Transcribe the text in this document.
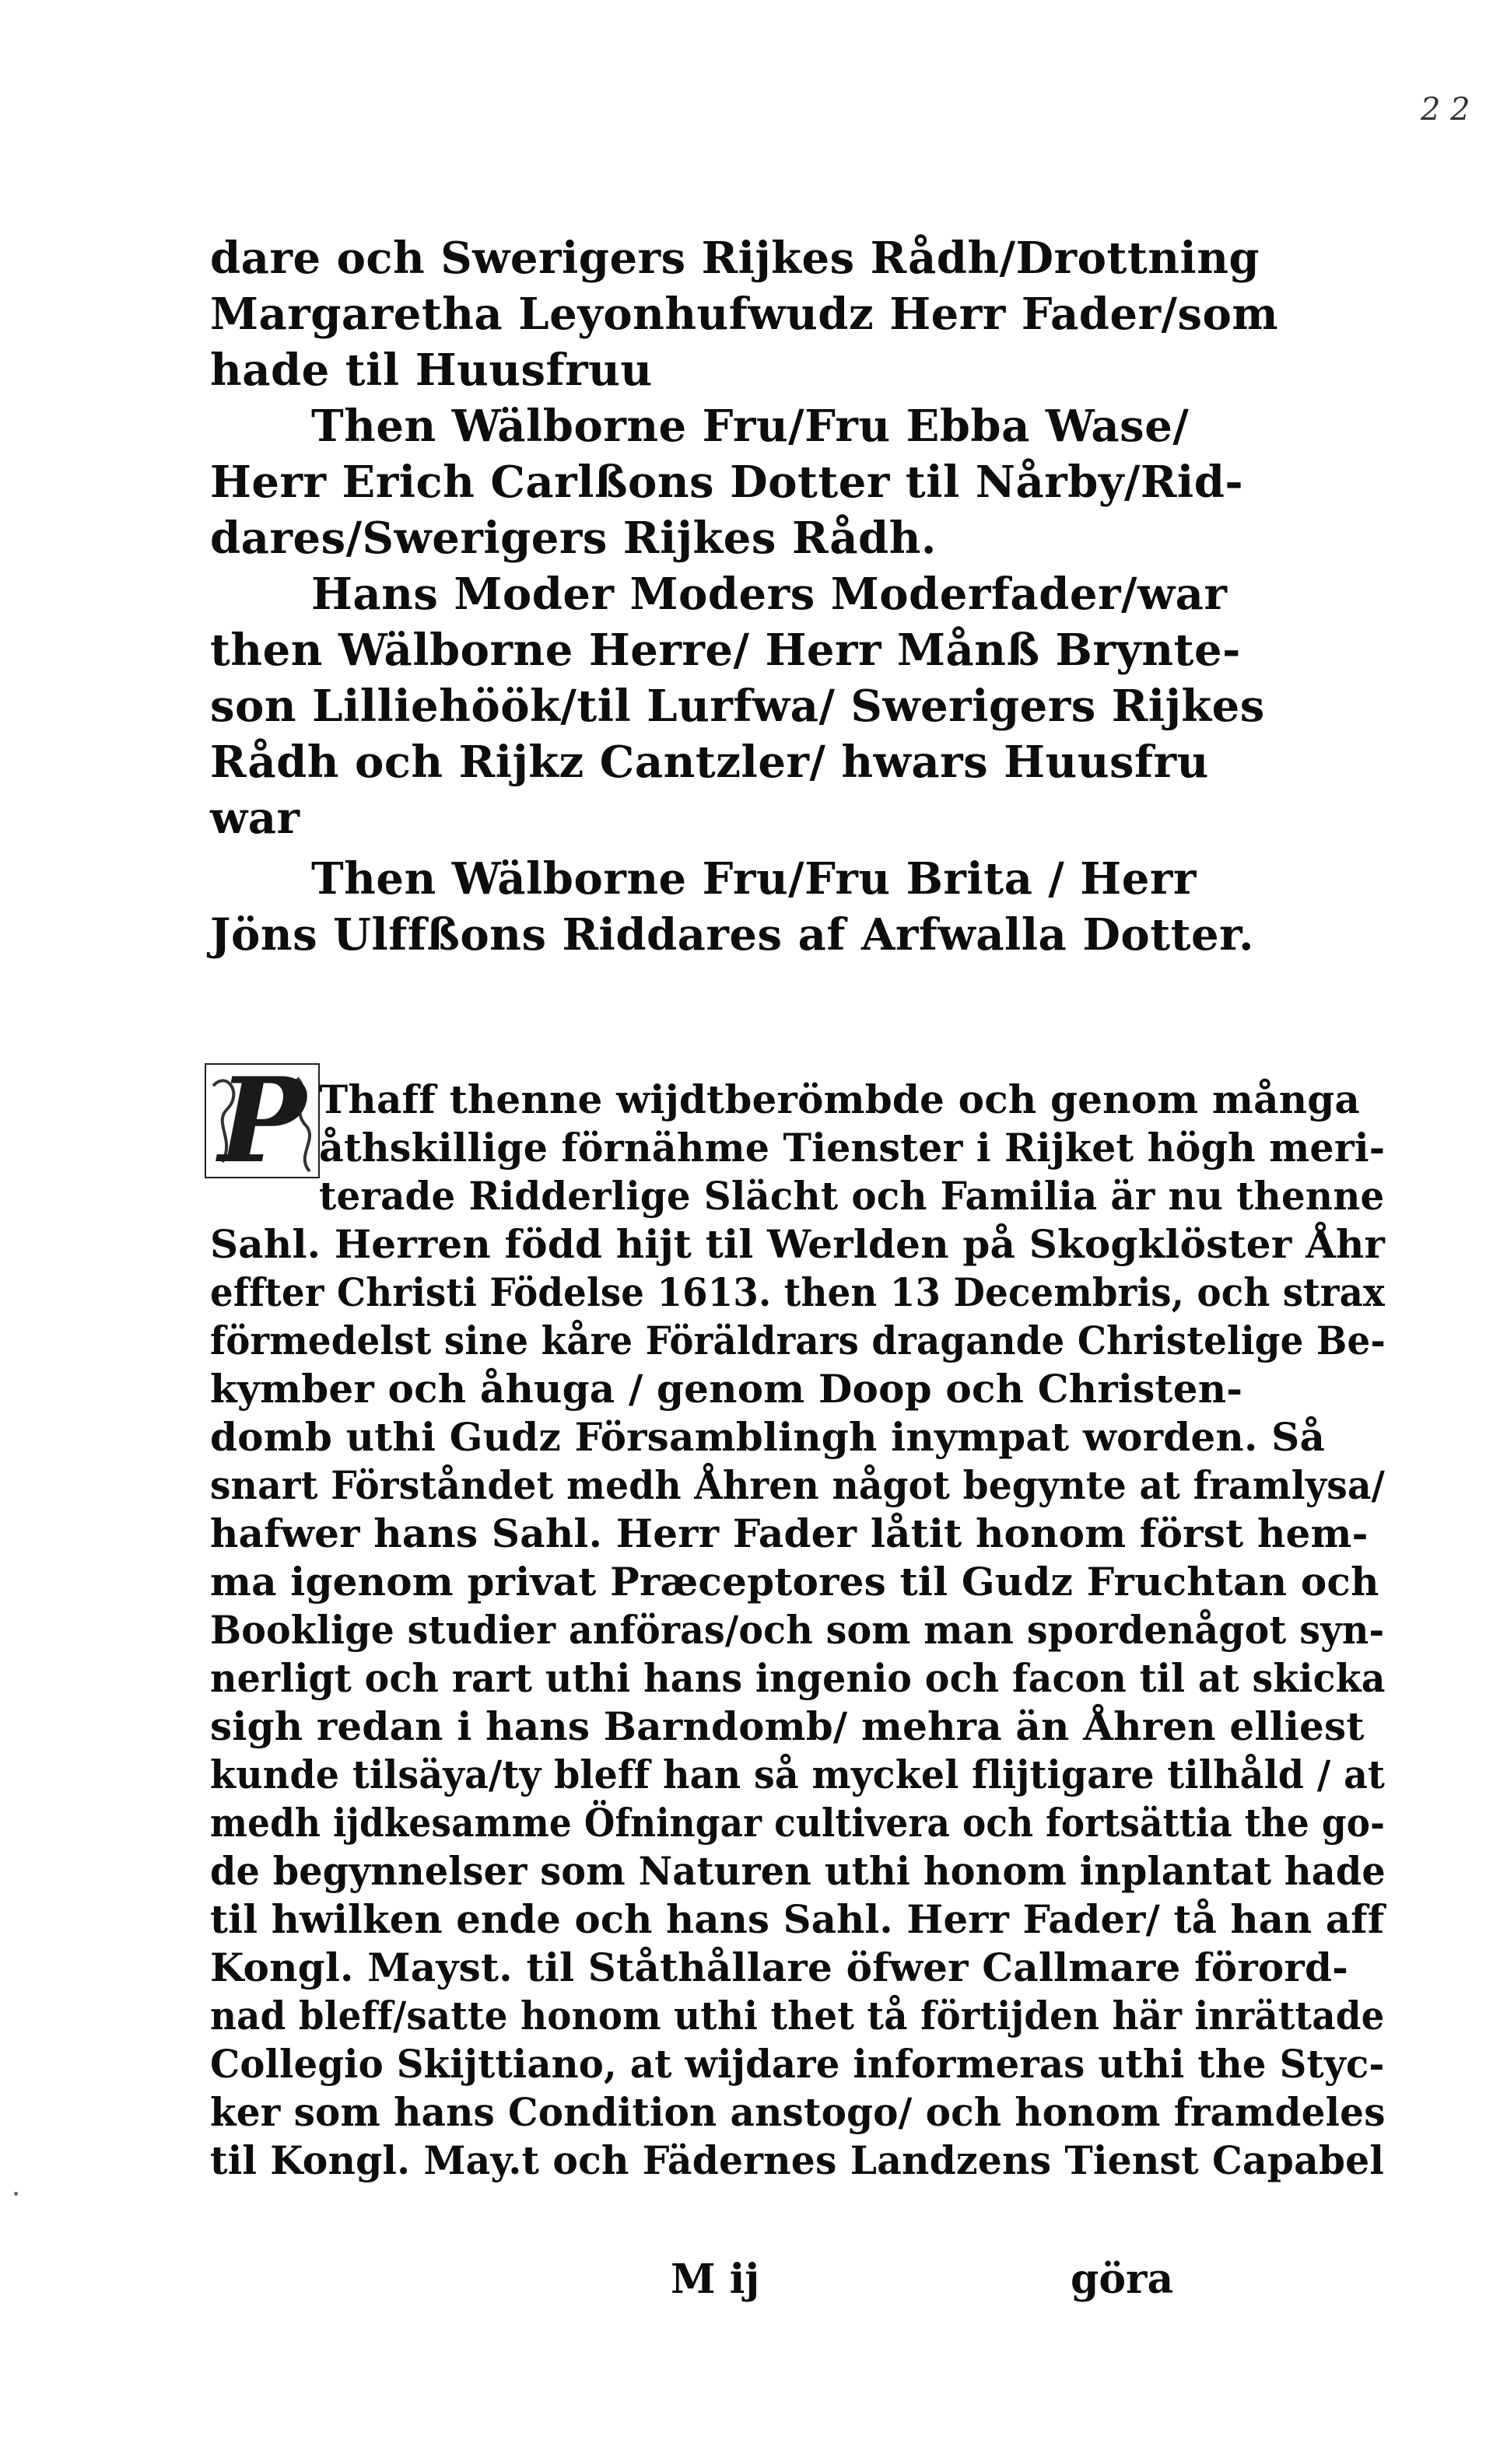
2 2
dare och Swerigers Rijkes Rådh/Drottning
Margaretha Leyonhufwudz Herr Fader/som
hade til Huusfruu
Then Wälborne Fru/Fru Ebba Wase/
Herr Erich Carlßons Dotter til Nårby/Rid-
dares/Swerigers Rijkes Rådh.
Hans Moder Moders Moderfader/war
then Wälborne Herre/ Herr Månß Brynte-
son Lilliehöök/til Lurfwa/ Swerigers Rijkes
Rådh och Rijkz Cantzler/ hwars Huusfru
war
Then Wälborne Fru/Fru Brita / Herr
Jöns Ulffßons Riddares af Arfwalla Dotter.
P Thaff thenne wijdtberömbde och genom många
åthskillige förnähme Tienster i Rijket högh meri-
terade Ridderlige Slächt och Familia är nu thenne
Sahl. Herren född hijt til Werlden på Skogklöster Åhr
effter Christi Födelse 1613. then 13 Decembris, och strax
förmedelst sine kåre Föräldrars dragande Christelige Be-
kymber och åhuga / genom Doop och Christen-
domb uthi Gudz Församblingh inympat worden. Så
snart Förståndet medh Åhren något begynte at framlysa/
hafwer hans Sahl. Herr Fader låtit honom först hem-
ma igenom privat Præceptores til Gudz Fruchtan och
Booklige studier anföras/och som man spordenågot syn-
nerligt och rart uthi hans ingenio och facon til at skicka
sigh redan i hans Barndomb/ mehra än Åhren elliest
kunde tilsäya/ty bleff han så myckel flijtigare tilhåld / at
medh ijdkesamme Öfningar cultivera och fortsättia the go-
de begynnelser som Naturen uthi honom inplantat hade
til hwilken ende och hans Sahl. Herr Fader/ tå han aff
Kongl. Mayst. til Ståthållare öfwer Callmare förord-
nad bleff/satte honom uthi thet tå förtijden här inrättade
Collegio Skijttiano, at wijdare informeras uthi the Styc-
ker som hans Condition anstogo/ och honom framdeles
til Kongl. May.t och Fädernes Landzens Tienst Capabel
M ij	göra
